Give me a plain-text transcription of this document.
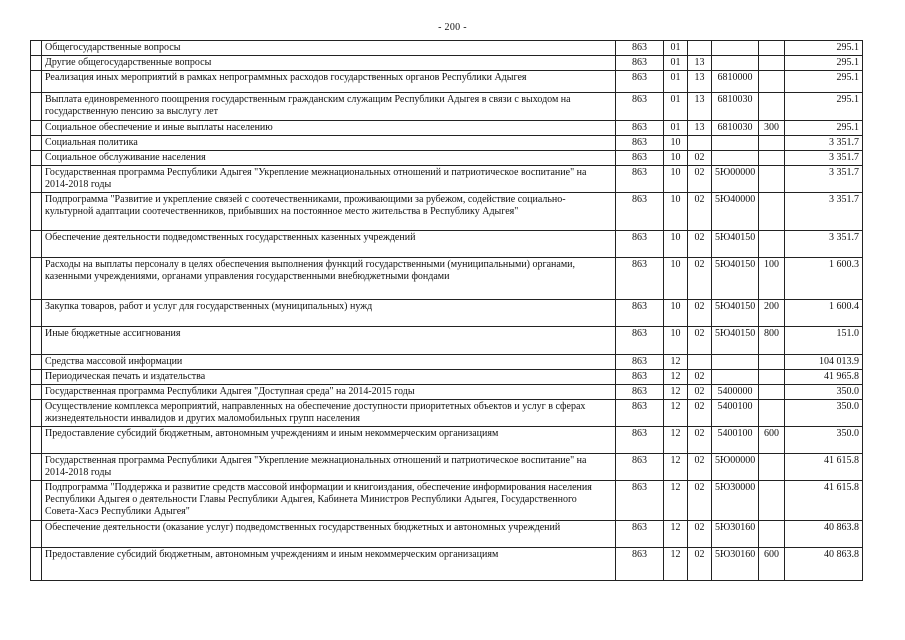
- 200 -
	Общегосударственные вопросы	863	01				295.1
	Другие общегосударственные вопросы	863	01	13			295.1
	Реализация иных мероприятий в рамках непрограммных расходов государственных органов Республики Адыгея	863	01	13	6810000		295.1
	Выплата единовременного поощрения государственным гражданским служащим Республики Адыгея в связи с выходом на государственную пенсию за выслугу лет	863	01	13	6810030		295.1
	Социальное обеспечение и иные выплаты населению	863	01	13	6810030	300	295.1
	Социальная политика	863	10				3 351.7
	Социальное обслуживание населения	863	10	02			3 351.7
	Государственная программа Республики Адыгея "Укрепление межнациональных отношений и патриотическое воспитание" на 2014-2018 годы	863	10	02	5Ю00000		3 351.7
	Подпрограмма "Развитие и укрепление связей с соотечественниками, проживающими за рубежом, содействие социально-культурной адаптации соотечественников, прибывших на постоянное место жительства в Республику Адыгея"	863	10	02	5Ю40000		3 351.7
	Обеспечение деятельности подведомственных государственных казенных учреждений	863	10	02	5Ю40150		3 351.7
	Расходы на выплаты персоналу в целях обеспечения выполнения функций государственными (муниципальными) органами, казенными учреждениями, органами управления государственными внебюджетными фондами	863	10	02	5Ю40150	100	1 600.3
	Закупка товаров, работ и услуг для государственных (муниципальных) нужд	863	10	02	5Ю40150	200	1 600.4
	Иные бюджетные ассигнования	863	10	02	5Ю40150	800	151.0
	Средства массовой информации	863	12				104 013.9
	Периодическая печать и издательства	863	12	02			41 965.8
	Государственная программа Республики Адыгея "Доступная среда" на 2014-2015 годы	863	12	02	5400000		350.0
	Осуществление комплекса мероприятий, направленных на обеспечение доступности приоритетных объектов и услуг в сферах жизнедеятельности инвалидов и других маломобильных групп населения	863	12	02	5400100		350.0
	Предоставление субсидий бюджетным, автономным учреждениям и иным некоммерческим организациям	863	12	02	5400100	600	350.0
	Государственная программа Республики Адыгея "Укрепление межнациональных отношений и патриотическое воспитание" на 2014-2018 годы	863	12	02	5Ю00000		41 615.8
	Подпрограмма "Поддержка и развитие средств массовой информации и книгоиздания, обеспечение информирования населения Республики Адыгея о деятельности Главы Республики Адыгея, Кабинета Министров Республики Адыгея, Государственного Совета-Хасэ Республики Адыгея"	863	12	02	5Ю30000		41 615.8
	Обеспечение деятельности (оказание услуг) подведомственных государственных бюджетных и автономных учреждений	863	12	02	5Ю30160		40 863.8
	Предоставление субсидий бюджетным, автономным учреждениям и иным некоммерческим организациям	863	12	02	5Ю30160	600	40 863.8
